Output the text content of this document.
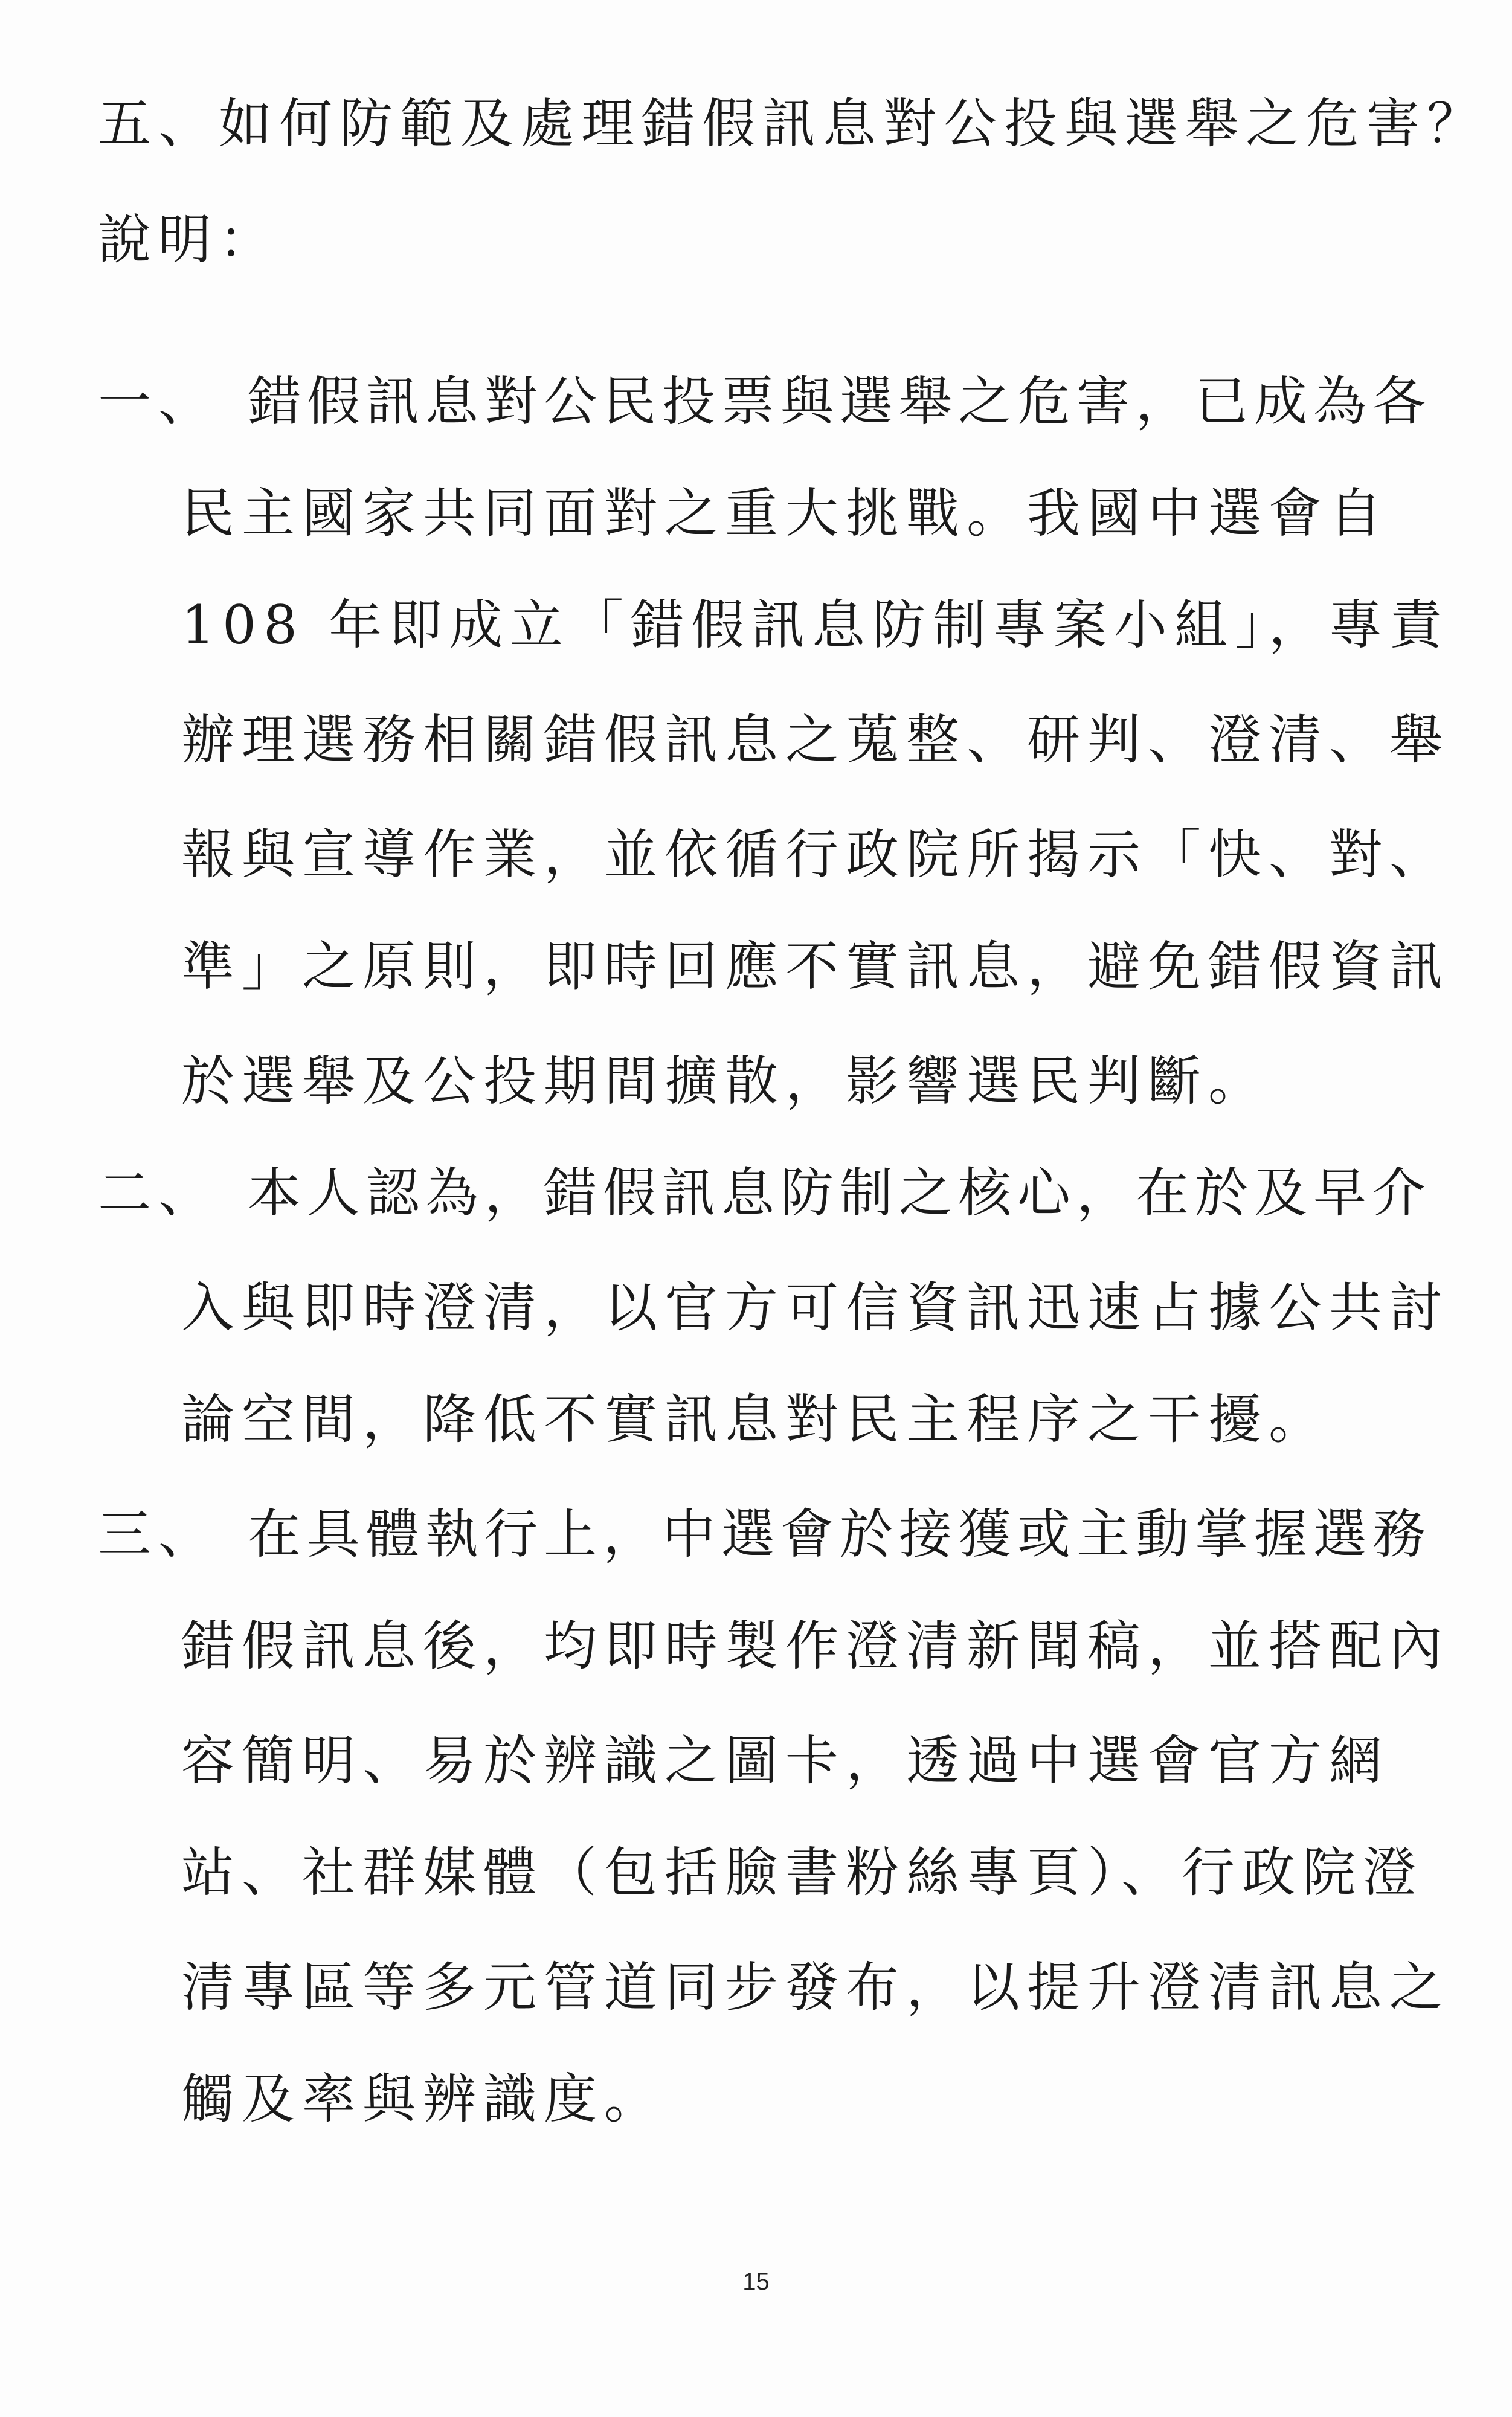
五、如何防範及處理錯假訊息對公投與選舉之危害？
說明：
一、 錯假訊息對公民投票與選舉之危害，已成為各
民主國家共同面對之重大挑戰。我國中選會自
108 年即成立「錯假訊息防制專案小組」，專責
辦理選務相關錯假訊息之蒐整、研判、澄清、舉
報與宣導作業，並依循行政院所揭示「快、對、
準」之原則，即時回應不實訊息，避免錯假資訊
於選舉及公投期間擴散，影響選民判斷。
二、 本人認為，錯假訊息防制之核心，在於及早介
入與即時澄清，以官方可信資訊迅速占據公共討
論空間，降低不實訊息對民主程序之干擾。
三、 在具體執行上，中選會於接獲或主動掌握選務
錯假訊息後，均即時製作澄清新聞稿，並搭配內
容簡明、易於辨識之圖卡，透過中選會官方網
站、社群媒體（包括臉書粉絲專頁）、行政院澄
清專區等多元管道同步發布，以提升澄清訊息之
觸及率與辨識度。
15
